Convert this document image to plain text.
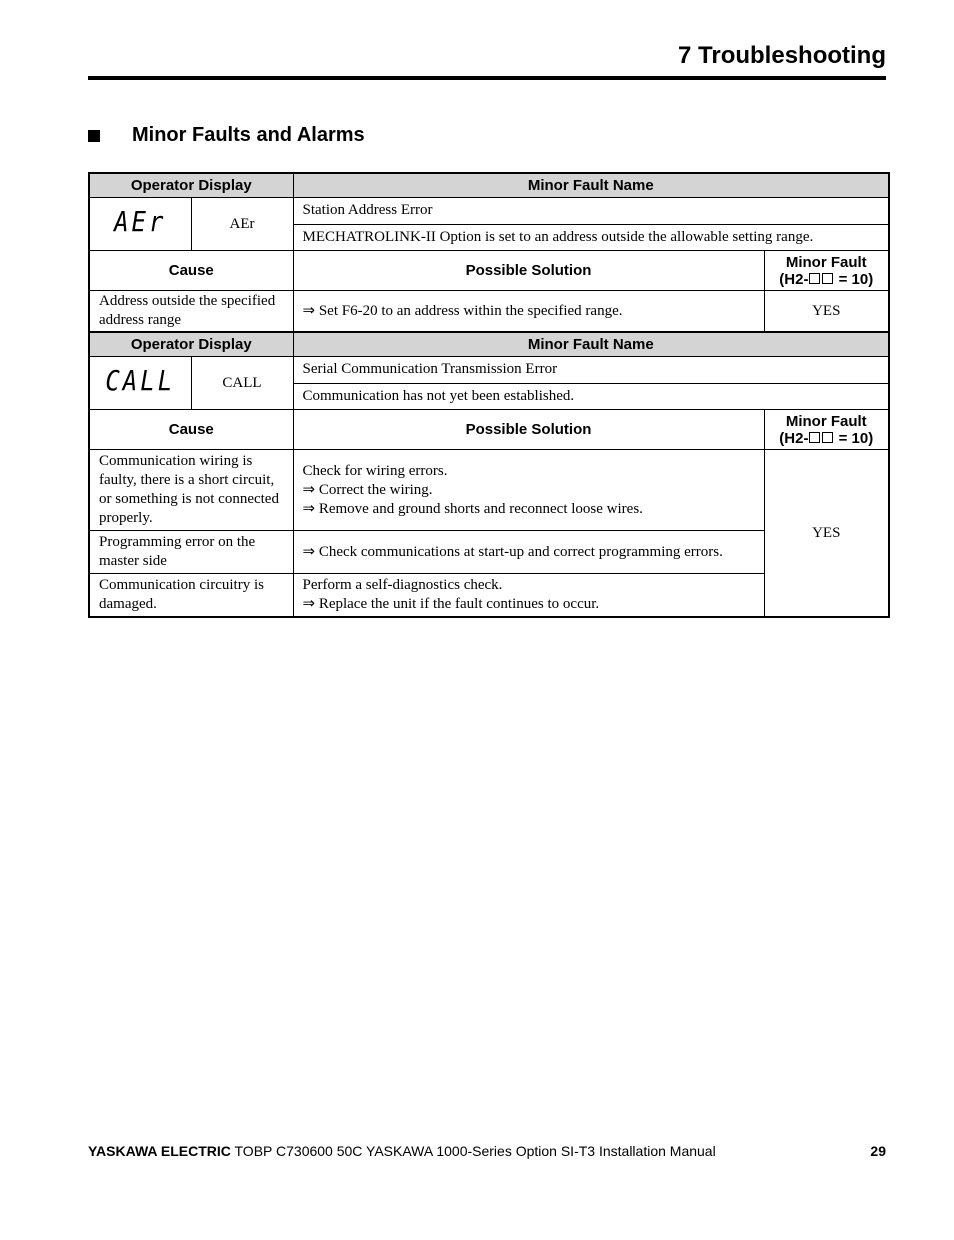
7 Troubleshooting
Minor Faults and Alarms
Operator Display		Minor Fault Name	
AEr	AEr	Station Address Error	
		MECHATROLINK-II Option is set to an address outside the allowable setting range.	
Cause		Possible Solution	Minor Fault
(H2- = 10)

Address outside the specified address range		⇒ Set F6-20 to an address within the specified range.	YES
Operator Display		Minor Fault Name	
CALL	CALL	Serial Communication Transmission Error	
		Communication has not yet been established.	
Cause		Possible Solution	Minor Fault
(H2- = 10)

Communication wiring is faulty, there is a short circuit, or something is not connected properly.		Check for wiring errors.
⇒ Correct the wiring.
⇒ Remove and ground shorts and reconnect loose wires.	YES
Programming error on the master side		⇒ Check communications at start-up and correct programming errors.	

Communication circuitry is damaged.		Perform a self-diagnostics check.
⇒ Replace the unit if the fault continues to occur.	
YASKAWA ELECTRIC TOBP C730600 50C YASKAWA 1000-Series Option SI-T3 Installation Manual	29
